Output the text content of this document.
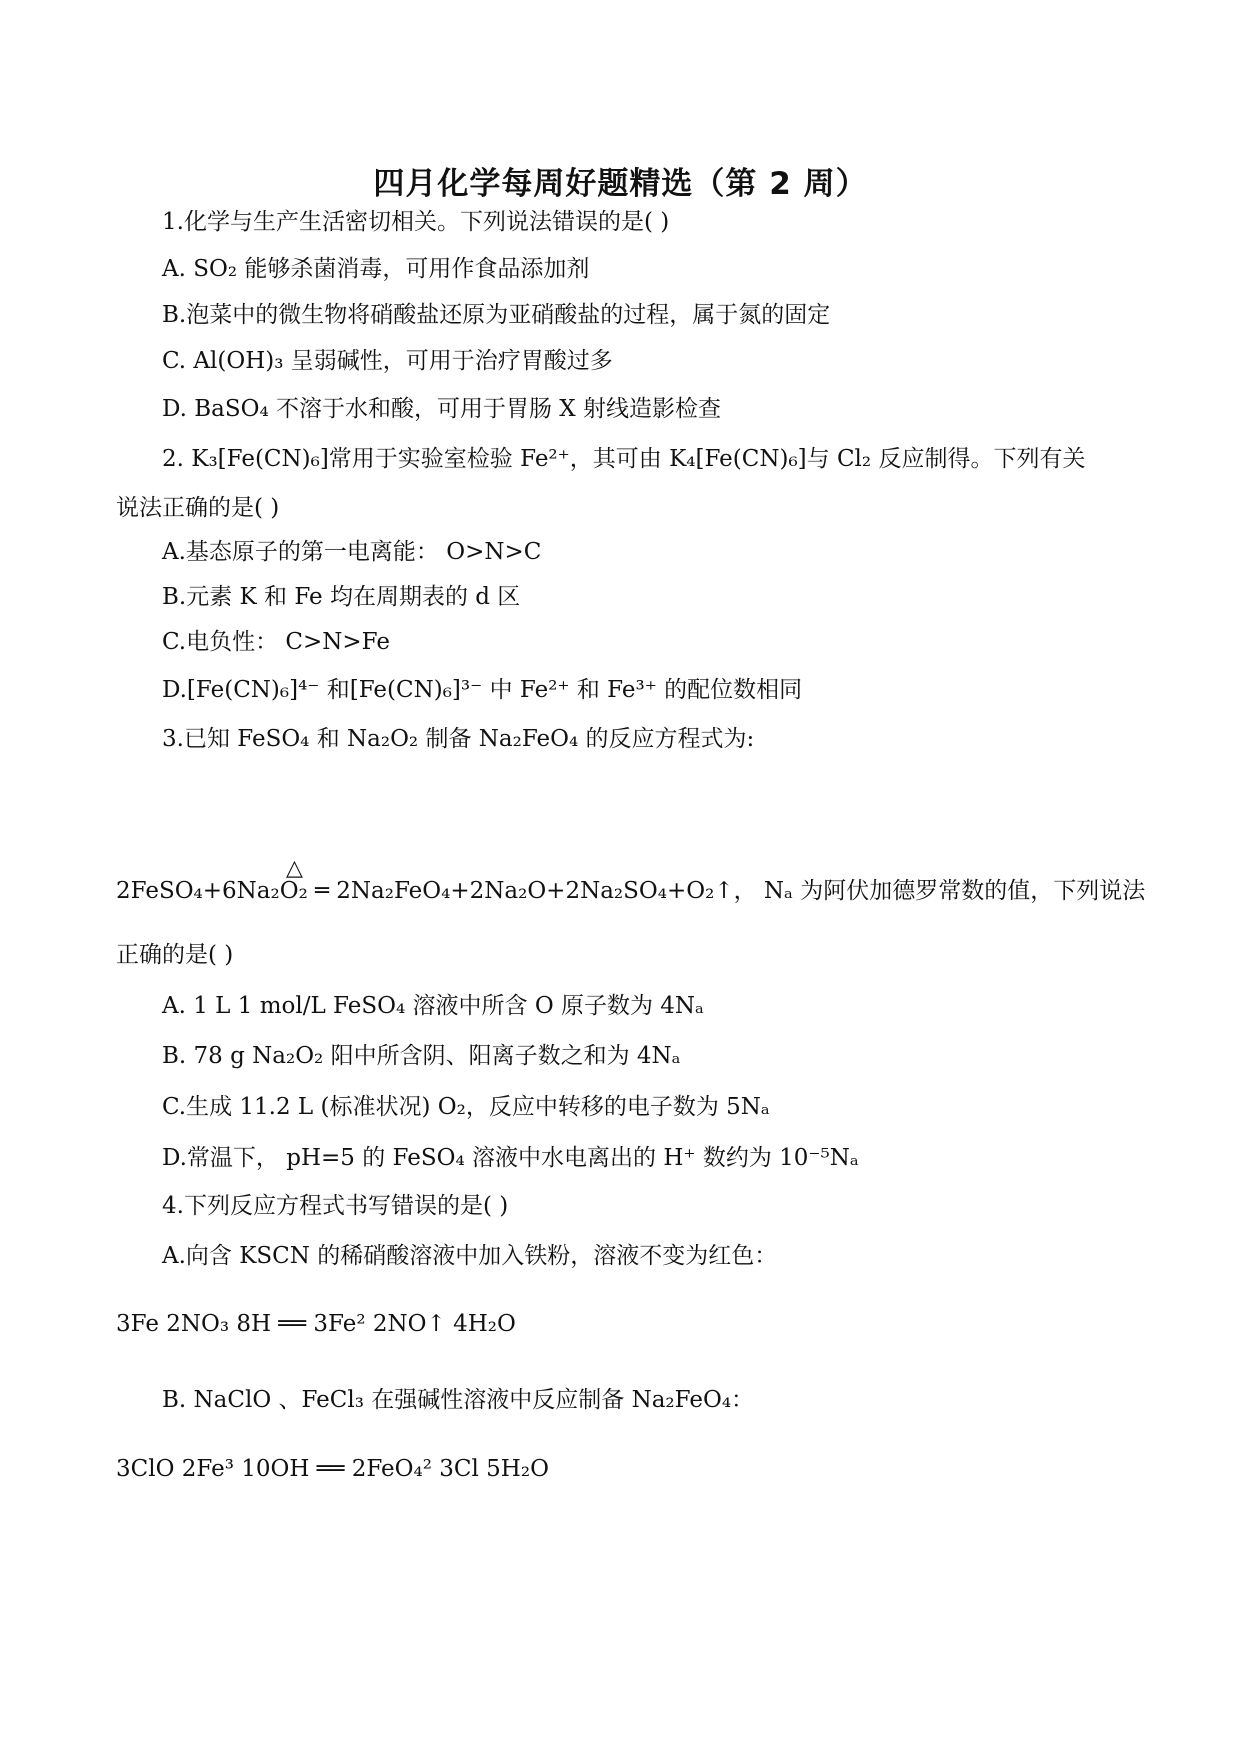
四月化学每周好题精选（第 2 周）
1.化学与生产生活密切相关。下列说法错误的是( )
A. SO₂ 能够杀菌消毒，可用作食品添加剂
B.泡菜中的微生物将硝酸盐还原为亚硝酸盐的过程，属于氮的固定
C. Al(OH)₃ 呈弱碱性，可用于治疗胃酸过多
D. BaSO₄ 不溶于水和酸，可用于胃肠 X 射线造影检查
2. K₃[Fe(CN)₆]常用于实验室检验 Fe²⁺，其可由 K₄[Fe(CN)₆]与 Cl₂ 反应制得。下列有关
说法正确的是( )
A.基态原子的第一电离能： O>N>C
B.元素 K 和 Fe 均在周期表的 d 区
C.电负性： C>N>Fe
D.[Fe(CN)₆]⁴⁻ 和[Fe(CN)₆]³⁻ 中 Fe²⁺ 和 Fe³⁺ 的配位数相同
3.已知 FeSO₄ 和 Na₂O₂ 制备 Na₂FeO₄ 的反应方程式为:
△
2FeSO₄+6Na₂O₂ ═ 2Na₂FeO₄+2Na₂O+2Na₂SO₄+O₂↑， Nₐ 为阿伏加德罗常数的值，下列说法
正确的是( )
A. 1 L 1 mol/L FeSO₄ 溶液中所含 O 原子数为 4Nₐ
B. 78 g Na₂O₂ 阳中所含阴、阳离子数之和为 4Nₐ
C.生成 11.2 L (标准状况) O₂，反应中转移的电子数为 5Nₐ
D.常温下， pH=5 的 FeSO₄ 溶液中水电离出的 H⁺ 数约为 10⁻⁵Nₐ
4.下列反应方程式书写错误的是( )
A.向含 KSCN 的稀硝酸溶液中加入铁粉，溶液不变为红色：
3Fe 2NO₃ 8H ══ 3Fe² 2NO↑ 4H₂O
B. NaClO 、FeCl₃ 在强碱性溶液中反应制备 Na₂FeO₄：
3ClO 2Fe³ 10OH ══ 2FeO₄² 3Cl 5H₂O
